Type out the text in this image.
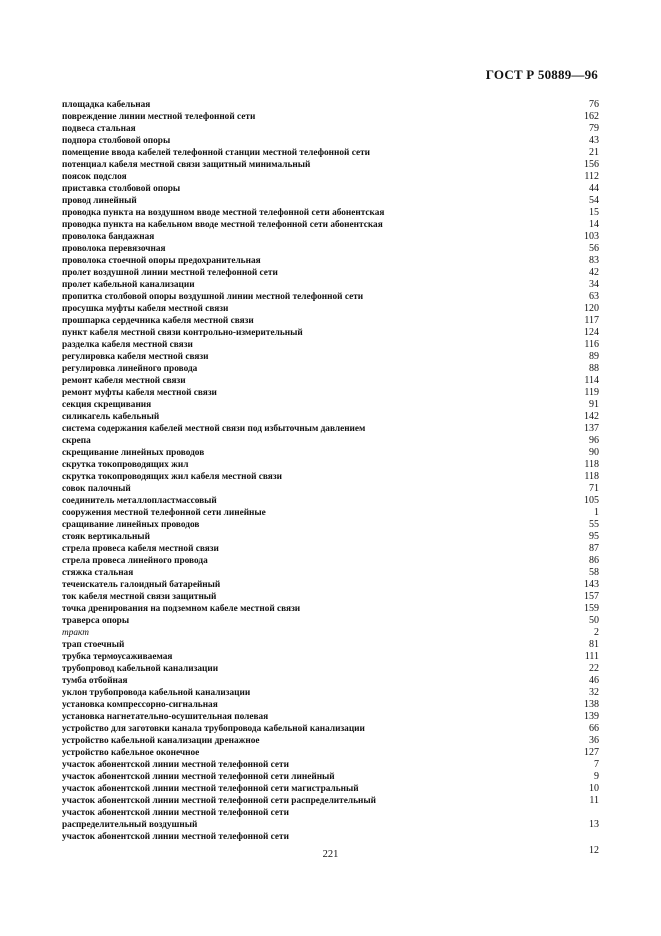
ГОСТ Р 50889—96
площадка кабельная	76
повреждение линии местной телефонной сети	162
подвеса стальная	79
подпора столбовой опоры	43
помещение ввода кабелей телефонной станции местной телефонной сети	21
потенциал кабеля местной связи защитный минимальный	156
поясок подслоя	112
приставка столбовой опоры	44
провод линейный	54
проводка пункта на воздушном вводе местной телефонной сети абонентская	15
проводка пункта на кабельном вводе местной телефонной сети абонентская	14
проволока бандажная	103
проволока перевязочная	56
проволока стоечной опоры предохранительная	83
пролет воздушной линии местной телефонной сети	42
пролет кабельной канализации	34
пропитка столбовой опоры воздушной линии местной телефонной сети	63
просушка муфты кабеля местной связи	120
прошпарка сердечника кабеля местной связи	117
пункт кабеля местной связи контрольно-измерительный	124
разделка кабеля местной связи	116
регулировка кабеля местной связи	89
регулировка линейного провода	88
ремонт кабеля местной связи	114
ремонт муфты кабеля местной связи	119
секция скрещивания	91
силикагель кабельный	142
система содержания кабелей местной связи под избыточным давлением	137
скрепа	96
скрещивание линейных проводов	90
скрутка токопроводящих жил	118
скрутка токопроводящих жил кабеля местной связи	118
совок палочный	71
соединитель металлопластмассовый	105
сооружения местной телефонной сети линейные	1
сращивание линейных проводов	55
стояк вертикальный	95
стрела провеса кабеля местной связи	87
стрела провеса линейного провода	86
стяжка стальная	58
течеискатель галоидный батарейный	143
ток кабеля местной связи защитный	157
точка дренирования на подземном кабеле местной связи	159
траверса опоры	50
тракт	2
трап стоечный	81
трубка термоусаживаемая	111
трубопровод кабельной канализации	22
тумба отбойная	46
уклон трубопровода кабельной канализации	32
установка компрессорно-сигнальная	138
установка нагнетательно-осушительная полевая	139
устройство для заготовки канала трубопровода кабельной канализации	66
устройство кабельной канализации дренажное	36
устройство кабельное оконечное	127
участок абонентской линии местной телефонной сети	7
участок абонентской линии местной телефонной сети линейный	9
участок абонентской линии местной телефонной сети магистральный	10
участок абонентской линии местной телефонной сети распределительный	11
участок абонентской линии местной телефонной сети
распределительный воздушный	13
участок абонентской линии местной телефонной сети
12
221
